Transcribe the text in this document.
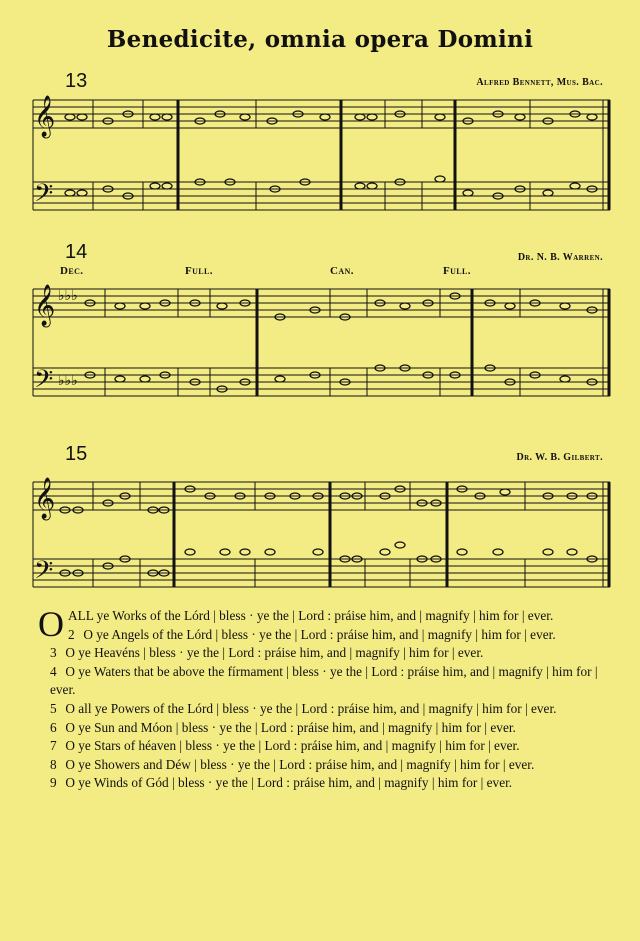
Benedicite, omnia opera Domini
13	Alfred Bennett, Mus. Bac.
𝄞
𝄢
14	Dr. N. B. Warren.
Dec.	Full.	Can.	Full.
𝄞
𝄢
♭♭♭
♭♭♭
15	Dr. W. B. Gilbert.
𝄞
𝄢

O ALL ye Works of the Lórd | bless · ye the | Lord : práise him, and | magnify | him for | ever.

2 O ye Angels of the Lórd | bless · ye the | Lord : práise him, and | magnify | him for | ever.

3 O ye Heavéns | bless · ye the | Lord : práise him, and | magnify | him for | ever.

4 O ye Waters that be above the fírmament | bless · ye the | Lord : práise him, and | magnify | him for | ever.

5 O all ye Powers of the Lórd | bless · ye the | Lord : práise him, and | magnify | him for | ever.

6 O ye Sun and Móon | bless · ye the | Lord : práise him, and | magnify | him for | ever.

7 O ye Stars of héaven | bless · ye the | Lord : práise him, and | magnify | him for | ever.

8 O ye Showers and Déw | bless · ye the | Lord : práise him, and | magnify | him for | ever.

9 O ye Winds of Gód | bless · ye the | Lord : práise him, and | magnify | him for | ever.
